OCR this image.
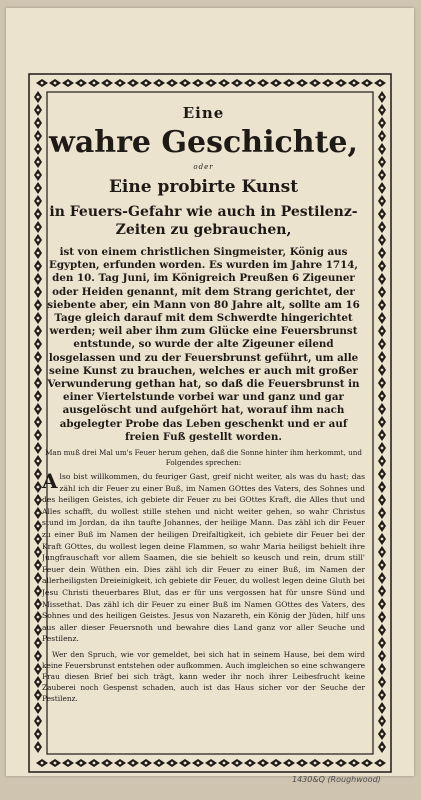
Eine
wahre Geschichte,
oder
Eine probirte Kunst
in Feuers-Gefahr wie auch in Pestilenz-
Zeiten zu gebrauchen,
ist von einem christlichen Singmeister, König aus Egypten, erfunden worden. Es wurden im Jahre 1714, den 10. Tag Juni, im Königreich Preußen 6 Zigeuner oder Heiden genannt, mit dem Strang gerichtet, der siebente aber, ein Mann von 80 Jahre alt, sollte am 16 Tage gleich darauf mit dem Schwerdte hingerichtet werden; weil aber ihm zum Glücke eine Feuersbrunst entstunde, so wurde der alte Zigeuner eilend losgelassen und zu der Feuersbrunst geführt, um alle seine Kunst zu brauchen, welches er auch mit großer Verwunderung gethan hat, so daß die Feuersbrunst in einer Viertelstunde vorbei war und ganz und gar ausgelöscht und aufgehört hat, worauf ihm nach abgelegter Probe das Leben geschenkt und er auf freien Fuß gestellt worden.
Man muß drei Mal um's Feuer herum gehen, daß die Sonne hinter ihm herkommt, und Folgendes sprechen:
A lso bist willkommen, du feuriger Gast, greif nicht weiter, als was du hast; das zähl ich dir Feuer zu einer Buß, im Namen GOttes des Vaters, des Sohnes und des heiligen Geistes, ich gebiete dir Feuer zu bei GOttes Kraft, die Alles thut und Alles schafft, du wollest stille stehen und nicht weiter gehen, so wahr Christus stund im Jordan, da ihn taufte Johannes, der heilige Mann. Das zähl ich dir Feuer zu einer Buß im Namen der heiligen Dreifaltigkeit, ich gebiete dir Feuer bei der Kraft GOttes, du wollest legen deine Flammen, so wahr Maria heiligst behielt ihre Jungfrauschaft vor allem Saamen, die sie behielt so keusch und rein, drum still' Feuer dein Wüthen ein. Dies zähl ich dir Feuer zu einer Buß, im Namen der allerheiligsten Dreieinigkeit, ich gebiete dir Feuer, du wollest legen deine Gluth bei Jesu Christi theuerbares Blut, das er für uns vergossen hat für unsre Sünd und Missethat. Das zähl ich dir Feuer zu einer Buß im Namen GOttes des Vaters, des Sohnes und des heiligen Geistes. Jesus von Nazareth, ein König der Jüden, hilf uns aus aller dieser Feuersnoth und bewahre dies Land ganz vor aller Seuche und Pestilenz.
Wer den Spruch, wie vor gemeldet, bei sich hat in seinem Hause, bei dem wird keine Feuersbrunst entstehen oder aufkommen. Auch imgleichen so eine schwangere Frau diesen Brief bei sich trägt, kann weder ihr noch ihrer Leibesfrucht keine Zauberei noch Gespenst schaden, auch ist das Haus sicher vor der Seuche der Pestilenz.
1430&Q (Roughwood)
